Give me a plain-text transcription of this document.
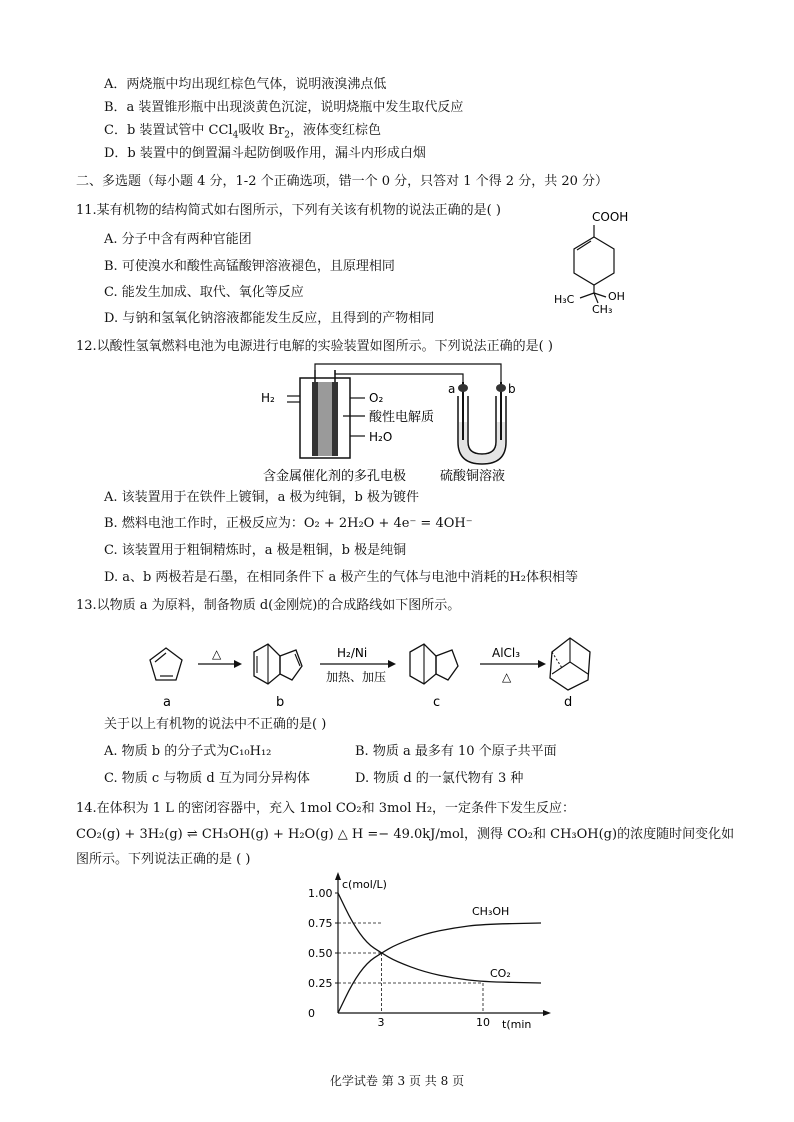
A．两烧瓶中均出现红棕色气体，说明液溴沸点低
B．a 装置锥形瓶中出现淡黄色沉淀，说明烧瓶中发生取代反应
C．b 装置试管中 CCl$_4$吸收 $Br_2$，液体变红棕色
D．b 装置中的倒置漏斗起防倒吸作用，漏斗内形成白烟
二、多选题（每小题 4 分，1-2 个正确选项，错一个 0 分，只答对 1 个得 2 分，共 20 分）
11.某有机物的结构简式如右图所示，下列有关该有机物的说法正确的是( )
A. 分子中含有两种官能团
B. 可使溴水和酸性高锰酸钾溶液褪色，且原理相同
C. 能发生加成、取代、氧化等反应
D. 与钠和氢氧化钠溶液都能发生反应，且得到的产物相同
COOH
H₃C	OH
CH₃
12.以酸性氢氧燃料电池为电源进行电解的实验装置如图所示。下列说法正确的是( )
H₂	O₂
酸性电解质
H₂O
a	b
含金属催化剂的多孔电极	硫酸铜溶液
A. 该装置用于在铁件上镀铜，a 极为纯铜，b 极为镀件
B. 燃料电池工作时，正极反应为：O₂ + 2H₂O + 4e⁻ = 4OH⁻
C. 该装置用于粗铜精炼时，a 极是粗铜，b 极是纯铜
D. a、b 两极若是石墨，在相同条件下 a 极产生的气体与电池中消耗的H₂体积相等
13.以物质 a 为原料，制备物质 d(金刚烷)的合成路线如下图所示。
a
△
b
H₂/Ni
加热、加压
c
AlCl₃
△
d
关于以上有机物的说法中不正确的是( )
A. 物质 b 的分子式为C₁₀H₁₂	B. 物质 a 最多有 10 个原子共平面
C. 物质 c 与物质 d 互为同分异构体	D. 物质 d 的一氯代物有 3 种
14.在体积为 1 L 的密闭容器中，充入 1mol CO₂和 3mol H₂，一定条件下发生反应：
CO₂(g) + 3H₂(g) ⇌ CH₃OH(g) + H₂O(g) △ H =− 49.0kJ/mol，测得 CO₂和 CH₃OH(g)的浓度随时间变化如
图所示。下列说法正确的是 ( )
c(mol/L)
t(min
1.00
0.75
0.50
0.25
0
3	10
CH₃OH
CO₂
化学试卷 第 3 页 共 8 页
